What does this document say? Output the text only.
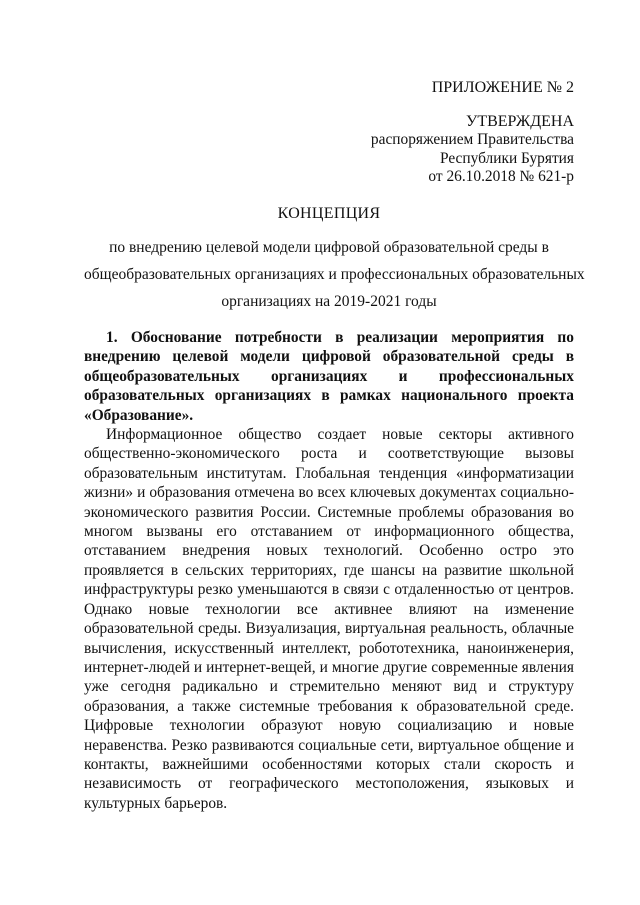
ПРИЛОЖЕНИЕ № 2
УТВЕРЖДЕНА
распоряжением Правительства
Республики Бурятия
от 26.10.2018 № 621-р
КОНЦЕПЦИЯ
по внедрению целевой модели цифровой образовательной среды в
общеобразовательных организациях и профессиональных образовательных
организациях на 2019-2021 годы
1. Обоснование потребности в реализации мероприятия по
внедрению целевой модели цифровой образовательной среды в
общеобразовательных организациях и профессиональных
образовательных организациях в рамках национального проекта
«Образование».
Информационное общество создает новые секторы активного
общественно-экономического роста и соответствующие вызовы
образовательным институтам. Глобальная тенденция «информатизации
жизни» и образования отмечена во всех ключевых документах социально-
экономического развития России. Системные проблемы образования во
многом вызваны его отставанием от информационного общества,
отставанием внедрения новых технологий. Особенно остро это
проявляется в сельских территориях, где шансы на развитие школьной
инфраструктуры резко уменьшаются в связи с отдаленностью от центров.
Однако новые технологии все активнее влияют на изменение
образовательной среды. Визуализация, виртуальная реальность, облачные
вычисления, искусственный интеллект, робототехника, наноинженерия,
интернет-людей и интернет-вещей, и многие другие современные явления
уже сегодня радикально и стремительно меняют вид и структуру
образования, а также системные требования к образовательной среде.
Цифровые технологии образуют новую социализацию и новые
неравенства. Резко развиваются социальные сети, виртуальное общение и
контакты, важнейшими особенностями которых стали скорость и
независимость от географического местоположения, языковых и
культурных барьеров.
